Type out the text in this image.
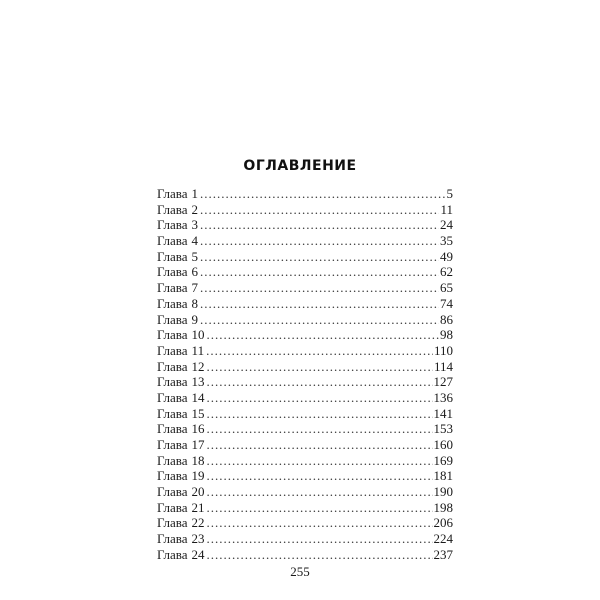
ОГЛАВЛЕНИЕ
Глава 1 .....	5
Глава 2 .....	11
Глава 3 .....	24
Глава 4 .....	35
Глава 5 .....	49
Глава 6 .....	62
Глава 7 .....	65
Глава 8 .....	74
Глава 9 .....	86
Глава 10 .....	98
Глава 11 .....	110
Глава 12 .....	114
Глава 13 .....	127
Глава 14 .....	136
Глава 15 .....	141
Глава 16 .....	153
Глава 17 .....	160
Глава 18 .....	169
Глава 19 .....	181
Глава 20 .....	190
Глава 21 .....	198
Глава 22 .....	206
Глава 23 .....	224
Глава 24 .....	237
255
